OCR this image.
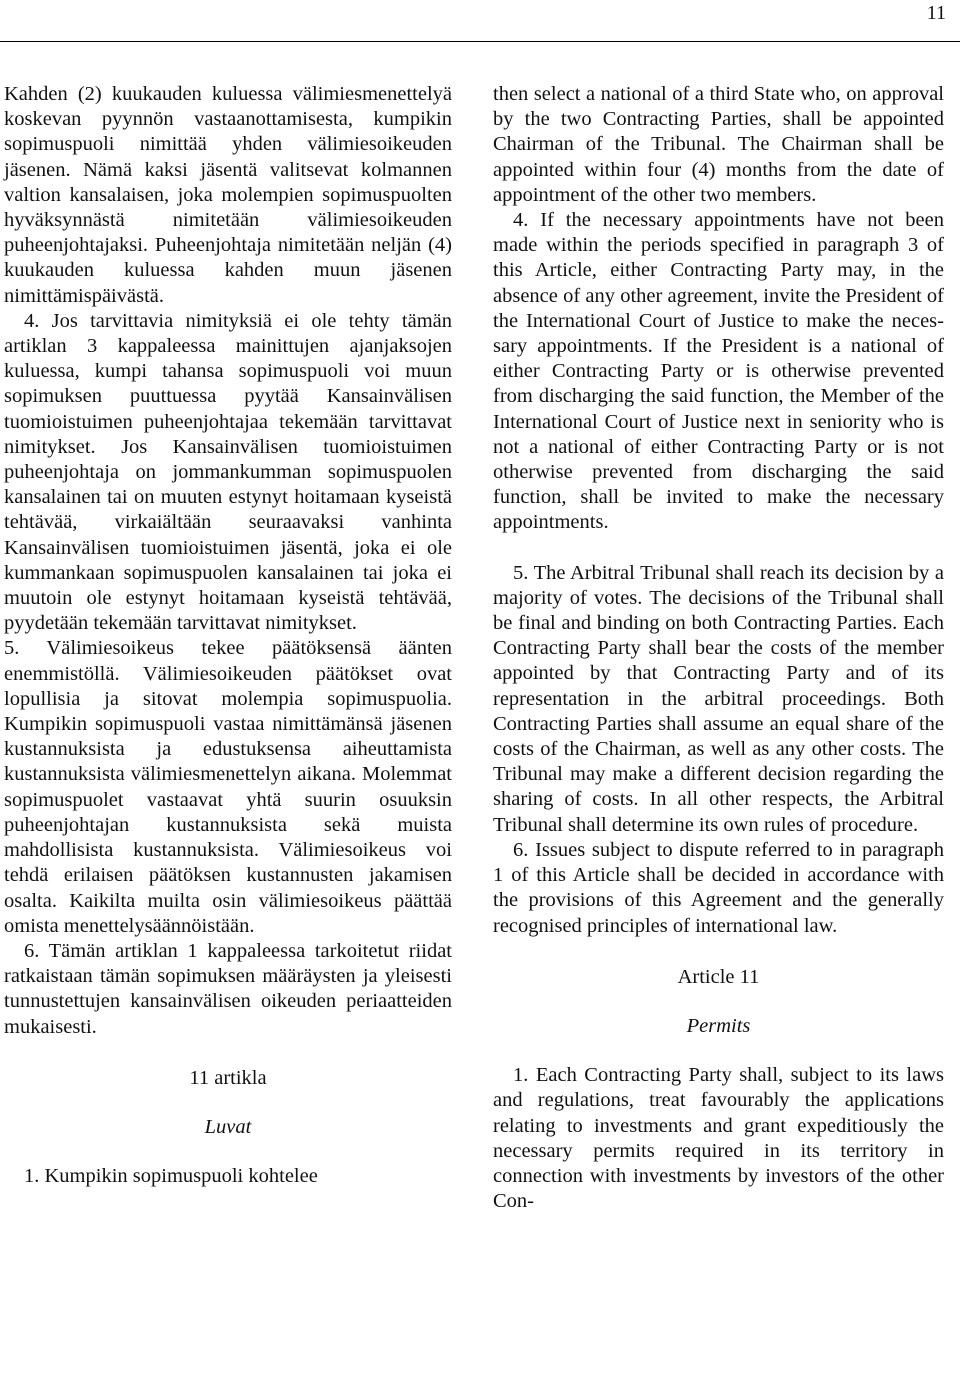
11

Kahden (2) kuukauden kuluessa välimiesmenettelyä koskevan pyynnön vastaanottamisesta, kumpikin sopimuspuoli nimittää yhden välimiesoikeuden jäsenen. Nämä kaksi jäsentä valitsevat kolmannen valtion kansalaisen, joka molempien sopimuspuolten hyväksynnästä nimitetään välimiesoikeuden puheenjohtajaksi. Puheenjohtaja nimitetään neljän (4) kuukauden kuluessa kahden muun jäsenen nimittämispäivästä.

4. Jos tarvittavia nimityksiä ei ole tehty tämän artiklan 3 kappaleessa mainittujen ajanjaksojen kuluessa, kumpi tahansa sopimuspuoli voi muun sopimuksen puuttuessa pyytää Kansainvälisen tuomioistuimen puheenjohtajaa tekemään tarvittavat nimitykset. Jos Kansainvälisen tuomioistuimen puheenjohtaja on jommankumman sopimuspuolen kansalainen tai on muuten estynyt hoitamaan kyseistä tehtävää, virkaiältään seuraavaksi vanhinta Kansainvälisen tuomioistuimen jäsentä, joka ei ole kummankaan sopimuspuolen kansalainen tai joka ei muutoin ole estynyt hoitamaan kyseistä tehtävää, pyydetään tekemään tarvittavat nimitykset.

5. Välimiesoikeus tekee päätöksensä äänten enemmistöllä. Välimiesoikeuden päätökset ovat lopullisia ja sitovat molempia sopimuspuolia. Kumpikin sopimuspuoli vastaa nimittämänsä jäsenen kustannuksista ja edustuksensa aiheuttamista kustannuksista välimiesmenettelyn aikana. Molemmat sopimuspuolet vastaavat yhtä suurin osuuksin puheenjohtajan kustannuksista sekä muista mahdollisista kustannuksista. Välimiesoikeus voi tehdä erilaisen päätöksen kustannusten jakamisen osalta. Kaikilta muilta osin välimiesoikeus päättää omista menettelysäännöistään.

6. Tämän artiklan 1 kappaleessa tarkoitetut riidat ratkaistaan tämän sopimuksen määräysten ja yleisesti tunnustettujen kansainvälisen oikeuden periaatteiden mukaisesti.

11 artikla

Luvat

1. Kumpikin sopimuspuoli kohtelee

then select a national of a third State who, on approval by the two Contracting Parties, shall be appointed Chairman of the Tribunal. The Chairman shall be appointed within four (4) months from the date of appointment of the other two members.

4. If the necessary appointments have not been made within the periods specified in paragraph 3 of this Article, either Contracting Party may, in the absence of any other agreement, invite the President of the International Court of Justice to make the necessary appointments. If the President is a national of either Contracting Party or is otherwise prevented from discharging the said function, the Member of the International Court of Justice next in seniority who is not a national of either Contracting Party or is not otherwise prevented from discharging the said function, shall be invited to make the necessary appointments.

5. The Arbitral Tribunal shall reach its decision by a majority of votes. The decisions of the Tribunal shall be final and binding on both Contracting Parties. Each Contracting Party shall bear the costs of the member appointed by that Contracting Party and of its representation in the arbitral proceedings. Both Contracting Parties shall assume an equal share of the costs of the Chairman, as well as any other costs. The Tribunal may make a different decision regarding the sharing of costs. In all other respects, the Arbitral Tribunal shall determine its own rules of procedure.

6. Issues subject to dispute referred to in paragraph 1 of this Article shall be decided in accordance with the provisions of this Agreement and the generally recognised principles of international law.

Article 11

Permits

1. Each Contracting Party shall, subject to its laws and regulations, treat favourably the applications relating to investments and grant expeditiously the necessary permits required in its territory in connection with investments by investors of the other Con-
